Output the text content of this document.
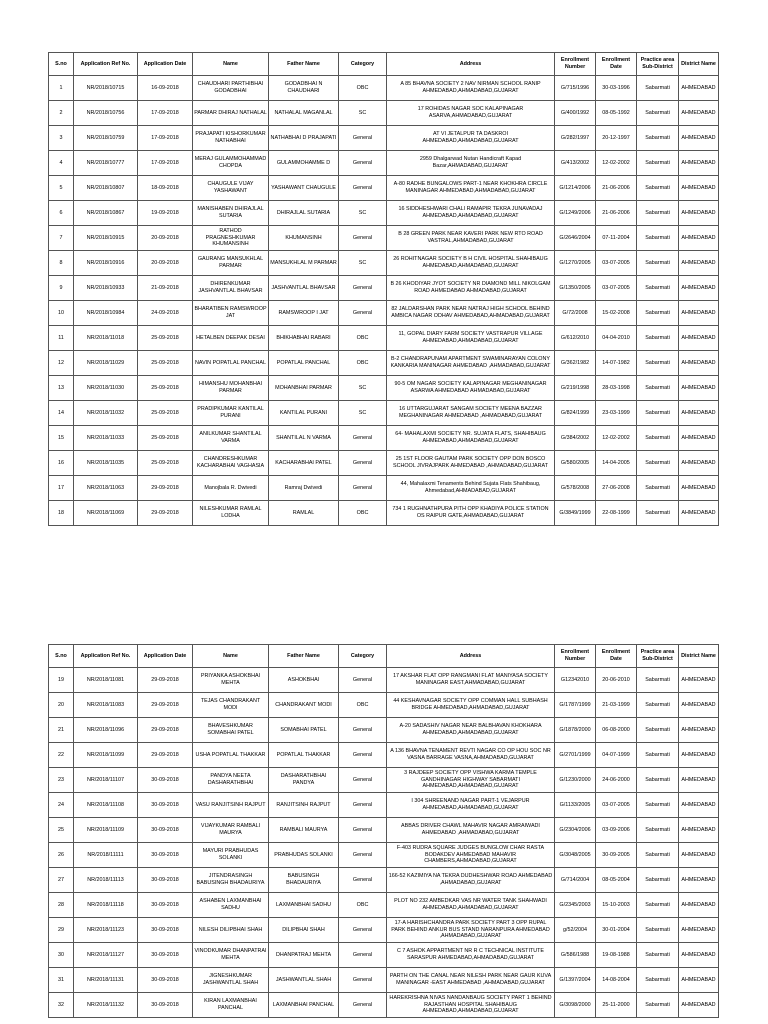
S.no	Application Ref No.	Application Date	Name	Father Name	Category	Address	Enrollment Number	Enrollment Date	Practice area Sub-District	District Name
1	NR/2018/10715	16-09-2018	CHAUDHARI PARTHIBHAI GODADBHAI	GODADBHAI N CHAUDHARI	OBC	A 85 BHAVNA SOCIETY 2 NAV NIRMAN SCHOOL RANIP AHMEDABAD,AHMADABAD,GUJARAT	G/715/1996	30-03-1996	Sabarmati	AHMEDABAD
2	NR/2018/10756	17-09-2018	PARMAR DHIRAJ NATHALAL	NATHALAL MAGANLAL	SC	17 ROHIDAS NAGAR SOC KALAPINAGAR ASARVA,AHMADABAD,GUJARAT	G/400/1992	08-05-1992	Sabarmati	AHMEDABAD
3	NR/2018/10759	17-09-2018	PRAJAPATI KISHORKUMAR NATHABHAI	NATHABHAI D PRAJAPATI	General	AT VI JETALPUR TA DASKROI AHMEDABAD,AHMADABAD,GUJARAT	G/282/1997	20-12-1997	Sabarmati	AHMEDABAD
4	NR/2018/10777	17-09-2018	MERAJ GULAMMOHAMMAD CHOPDA	GULAMMOHAMME D	General	2959 Dhalgarwad Nutan Handicraft Kapad Bazar,AHMADABAD,GUJARAT	G/413/2002	12-02-2002	Sabarmati	AHMEDABAD
5	NR/2018/10807	18-09-2018	CHAUGULE VIJAY YASHAWANT	YASHAWANT CHAUGULE	General	A-80 RADHE BUNGALOWS PART-1 NEAR KHOKHRA CIRCLE MANINAGAR AHMEDABAD,AHMADABAD,GUJARAT	G/1214/2006	21-06-2006	Sabarmati	AHMEDABAD
6	NR/2018/10867	19-09-2018	MANISHABEN DHIRAJLAL SUTARIA	DHIRAJLAL SUTARIA	SC	16 SIDDHESHWARI CHALI RAMAPIR TEKRA JUNAVADAJ AHMEDABAD,AHMADABAD,GUJARAT	G/1249/2006	21-06-2006	Sabarmati	AHMEDABAD
7	NR/2018/10915	20-09-2018	RATHOD PRAGNESHKUMAR KHUMANSINH	KHUMANSINH	General	B 28 GREEN PARK NEAR KAVERI PARK NEW RTO ROAD VASTRAL,AHMADABAD,GUJARAT	G/2646/2004	07-11-2004	Sabarmati	AHMEDABAD
8	NR/2018/10916	20-09-2018	GAURANG MANSUKHLAL PARMAR	MANSUKHLAL M PARMAR	SC	26 ROHITNAGAR SOCIETY B H CIVIL HOSPITAL SHAHIBAUG AHMEDABAD,AHMADABAD,GUJARAT	G/1270/2005	03-07-2005	Sabarmati	AHMEDABAD
9	NR/2018/10933	21-09-2018	DHIRENKUMAR JASHVANTLAL BHAVSAR	JASHVANTLAL BHAVSAR	General	B 26 KHODIYAR JYOT SOCIETY NR DIAMOND MILL NIKOLGAM ROAD AHMEDABAD AHMADABAD,GUJARAT	G/1350/2005	03-07-2005	Sabarmati	AHMEDABAD
10	NR/2018/10984	24-09-2018	BHARATIBEN RAMSWROOP JAT	RAMSWROOP I JAT	General	82 JALDARSHAN PARK NEAR NATRAJ HIGH SCHOOL BEHIND AMBICA NAGAR ODHAV AHMEDABAD,AHMADABAD,GUJARAT	G/72/2008	15-02-2008	Sabarmati	AHMEDABAD
11	NR/2018/11018	25-09-2018	HETALBEN DEEPAK DESAI	BHIKHABHAI RABARI	OBC	11, GOPAL DIARY FARM SOCIETY VASTRAPUR VILLAGE AHMEDABAD,AHMADABAD,GUJARAT	G/612/2010	04-04-2010	Sabarmati	AHMEDABAD
12	NR/2018/11029	25-09-2018	NAVIN POPATLAL PANCHAL	POPATLAL PANCHAL	OBC	B-2 CHANDRAPUNAM APARTMENT SWAMINARAYAN COLONY KANKARIA MANINAGAR AHMEDABAD ,AHMADABAD,GUJARAT	G/362/1982	14-07-1982	Sabarmati	AHMEDABAD
13	NR/2018/11030	25-09-2018	HIMANSHU MOHANBHAI PARMAR	MOHANBHAI PARMAR	SC	90-5 OM NAGAR SOCIETY KALAPINAGAR MEGHANINAGAR ASARWA AHMEDABAD AHMADABAD,GUJARAT	G/219/1998	28-03-1998	Sabarmati	AHMEDABAD
14	NR/2018/11032	25-09-2018	PRADIPKUMAR KANTILAL PURANI	KANTILAL PURANI	SC	16 UTTARGUJARAT SANGAM SOCIETY MEENA BAZZAR MEGHANINAGAR AHMEDABAD ,AHMADABAD,GUJARAT	G/824/1999	23-03-1999	Sabarmati	AHMEDABAD
15	NR/2018/11033	25-09-2018	ANILKUMAR SHANTILAL VARMA	SHANTILAL N VARMA	General	64- MAHALAXMI SOCIETY NR. SUJATA FLATS, SHAHIBAUG AHMEDABAD,AHMADABAD,GUJARAT	G/384/2002	12-02-2002	Sabarmati	AHMEDABAD
16	NR/2018/11035	25-09-2018	CHANDRESHKUMAR KACHARABHAI VAGHASIA	KACHARABHAI PATEL	General	25 1ST FLOOR GAUTAM PARK SOCIETY OPP DON BOSCO SCHOOL JIVRAJPARK AHMEDABAD ,AHMADABAD,GUJARAT	G/580/2005	14-04-2005	Sabarmati	AHMEDABAD
17	NR/2018/11063	29-09-2018	Manojbala R. Dwivedi	Ramraj Dwivedi	General	44, Mahalaxmi Tenaments Behind Sujata Flats Shahibaug, Ahmedabad,AHMADABAD,GUJARAT	G/578/2008	27-06-2008	Sabarmati	AHMEDABAD
18	NR/2018/11069	29-09-2018	NILESHKUMAR RAMLAL LODHA	RAMLAL	OBC	734 1 RUGHNATHPURA PITH OPP KHADIYA POLICE STATION OS RAIPUR GATE,AHMADABAD,GUJARAT	G/3849/1999	22-08-1999	Sabarmati	AHMEDABAD
S.no	Application Ref No.	Application Date	Name	Father Name	Category	Address	Enrollment Number	Enrollment Date	Practice area Sub-District	District Name
19	NR/2018/11081	29-09-2018	PRIYANKA ASHOKBHAI MEHTA	ASHOKBHAI	General	17 AKSHAR FLAT OPP RANGMANI FLAT MANIYASA SOCIETY MANINAGAR EAST,AHMADABAD,GUJARAT	G12342010	20-06-2010	Sabarmati	AHMEDABAD
20	NR/2018/11083	29-09-2018	TEJAS CHANDRAKANT MODI	CHANDRAKANT MODI	OBC	44 KESHAVNAGAR SOCIETY OPP COMMAN HALL SUBHASH BRIDGE AHMEDABAD,AHMADABAD,GUJARAT	G/1787/1999	21-03-1999	Sabarmati	AHMEDABAD
21	NR/2018/11096	29-09-2018	BHAVESHKUMAR SOMABHAI PATEL	SOMABHAI PATEL	General	A-20 SADASHIV NAGAR NEAR BALBHAVAN KHOKHARA AHMEDABAD,AHMADABAD,GUJARAT	G/1878/2000	06-08-2000	Sabarmati	AHMEDABAD
22	NR/2018/11099	29-09-2018	USHA POPATLAL THAKKAR	POPATLAL THAKKAR	General	A 136 BHAVNA TENAMENT REVTI NAGAR CO OP HOU SOC NR VASNA BARRAGE VASNA,AHMADABAD,GUJARAT	G/2701/1999	04-07-1999	Sabarmati	AHMEDABAD
23	NR/2018/11107	30-09-2018	PANDYA NEETA DASHARATHBHAI	DASHARATHBHAI PANDYA	General	3 RAJDEEP SOCIETY OPP VISHWA KARMA TEMPLE GANDHINAGAR HIGHWAY SABARMATI AHMEDABAD,AHMADABAD,GUJARAT	G/1230/2000	24-06-2000	Sabarmati	AHMEDABAD
24	NR/2018/11108	30-09-2018	VASU RANJITSINH RAJPUT	RANJITSINH RAJPUT	General	I 304 SHREENAND NAGAR PART-1 VEJARPUR AHMEDABAD,AHMADABAD,GUJARAT	G/1133/2005	03-07-2005	Sabarmati	AHMEDABAD
25	NR/2018/11109	30-09-2018	VIJAYKUMAR RAMBALI MAURYA	RAMBALI MAURYA	General	ABBAS DRIVER CHAWL MAHAVIR NAGAR AMRAIWADI AHMEDABAD ,AHMADABAD,GUJARAT	G/2304/2006	03-09-2006	Sabarmati	AHMEDABAD
26	NR/2018/11111	30-09-2018	MAYURI PRABHUDAS SOLANKI	PRABHUDAS SOLANKI	General	F-403 RUDRA SQUARE JUDGES BUNGLOW CHAR RASTA BODAKDEV AHMEDABAD MAHAVIR CHAMBERS,AHMADABAD,GUJARAT	G/3048/2005	30-09-2005	Sabarmati	AHMEDABAD
27	NR/2018/11113	30-09-2018	JITENDRASINGH BABUSINGH BHADAURIYA	BABUSINGH BHADAURIYA	General	166-52 KAZIMIYA NA TEKRA DUDHESHWAR ROAD AHMEDABAD ,AHMADABAD,GUJARAT	G/714/2004	08-05-2004	Sabarmati	AHMEDABAD
28	NR/2018/11118	30-09-2018	ASHABEN LAXMANBHAI SADHU	LAXMANBHAI SADHU	OBC	PLOT NO 232 AMBEDKAR VAS NR WATER TANK SHAHWADI AHMEDABAD,AHMADABAD,GUJARAT	G/2345/2003	15-10-2003	Sabarmati	AHMEDABAD
29	NR/2018/11123	30-09-2018	NILESH DILIPBHAI SHAH	DILIPBHAI SHAH	General	17-A HARISHCHANDRA PARK SOCIETY PART 3 OPP RUPAL PARK BEHIND ANKUR BUS STAND NARANPURA AHMEDABAD ,AHMADABAD,GUJARAT	g/52/2004	30-01-2004	Sabarmati	AHMEDABAD
30	NR/2018/11127	30-09-2018	VINODKUMAR DHANPATRAI MEHTA	DHANPATRAJ MEHTA	General	C 7 ASHOK APPARTMENT NR R C TECHNICAL INSTITUTE SARASPUR AHMEDABAD,AHMADABAD,GUJARAT	G/586/1988	19-08-1988	Sabarmati	AHMEDABAD
31	NR/2018/11131	30-09-2018	JIGNESHKUMAR JASHWANTLAL SHAH	JASHWANTLAL SHAH	General	PARTH ON THE CANAL NEAR NILESH PARK NEAR GAUR KUVA MANINAGAR -EAST AHMEDABAD ,AHMADABAD,GUJARAT	G/1397/2004	14-08-2004	Sabarmati	AHMEDABAD
32	NR/2018/11132	30-09-2018	KIRAN LAXMANBHAI PANCHAL	LAXMANBHAI PANCHAL	General	HAREKRISHNA NIVAS NANDANBAUG SOCIETY PART 1 BEHIND RAJASTHAN HOSPITAL SHAHIBAUG AHMEDABAD,AHMADABAD,GUJARAT	G/3098/2000	25-11-2000	Sabarmati	AHMEDABAD
